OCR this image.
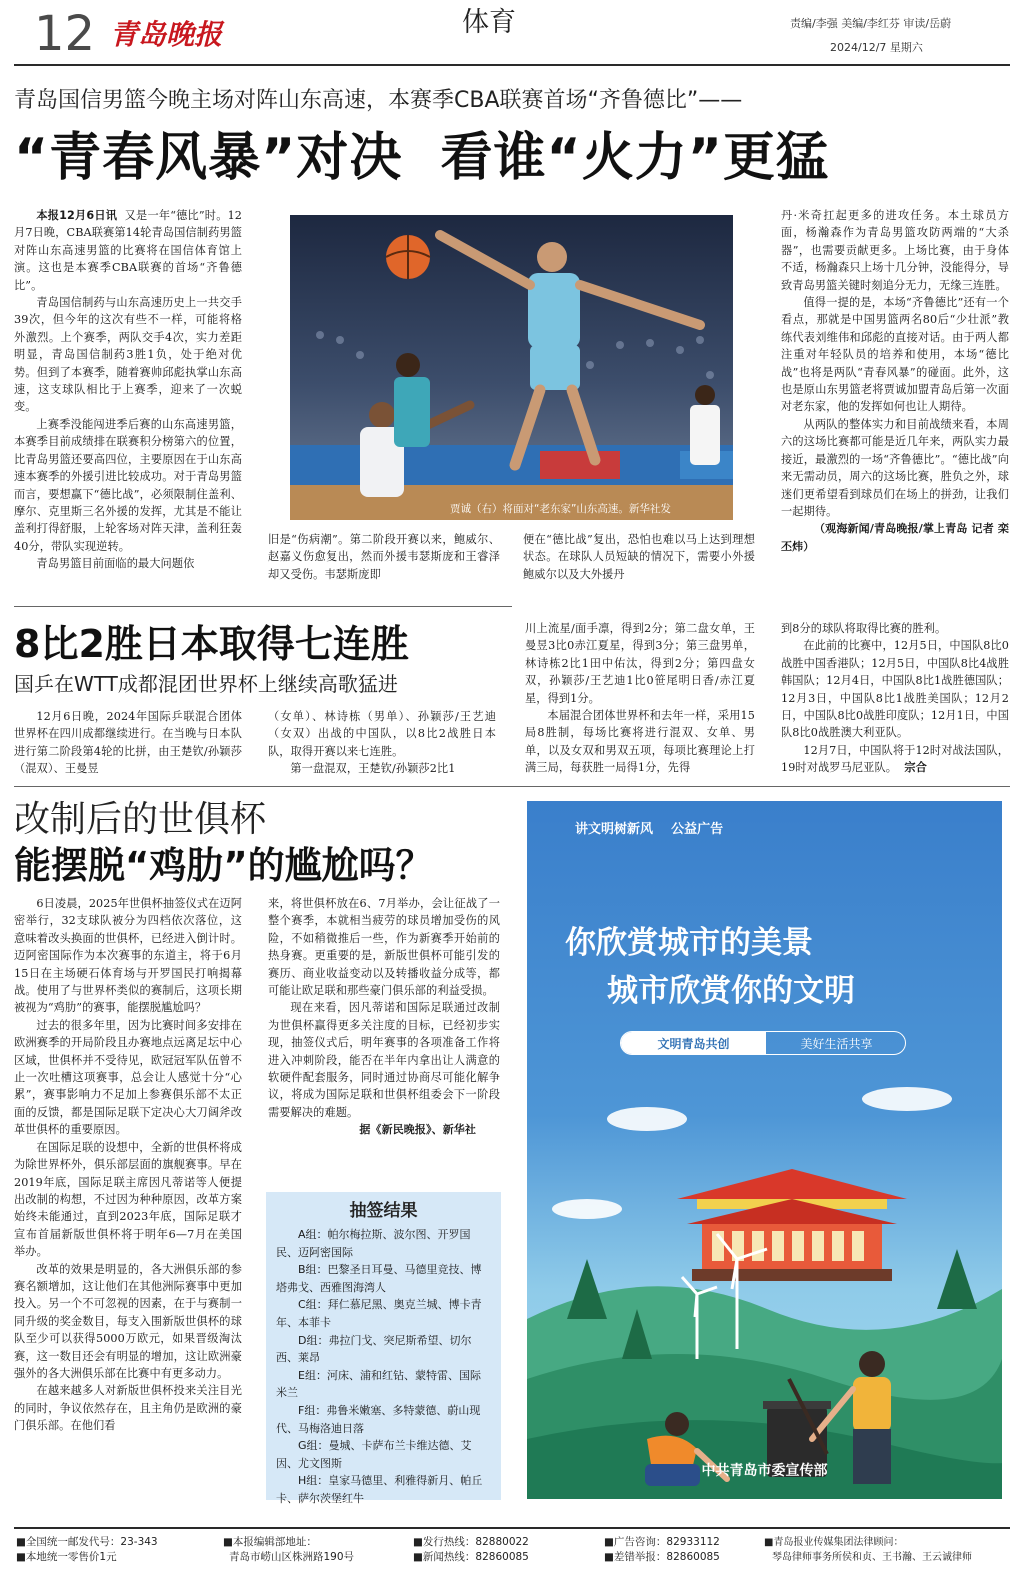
12 青岛晚报	体育	责编/李强 美编/李红芬 审读/岳蔚
2024/12/7 星期六
青岛国信男篮今晚主场对阵山东高速，本赛季CBA联赛首场“齐鲁德比”——
“青春风暴”对决  看谁“火力”更猛

本报12月6日讯 又是一年“德比”时。12月7日晚，CBA联赛第14轮青岛国信制药男篮对阵山东高速男篮的比赛将在国信体育馆上演。这也是本赛季CBA联赛的首场“齐鲁德比”。

青岛国信制药与山东高速历史上一共交手39次，但今年的这次有些不一样，可能将格外激烈。上个赛季，两队交手4次，实力差距明显，青岛国信制药3胜1负，处于绝对优势。但到了本赛季，随着赛帅邱彪执掌山东高速，这支球队相比于上赛季，迎来了一次蜕变。

上赛季没能闯进季后赛的山东高速男篮，本赛季目前成绩排在联赛积分榜第六的位置，比青岛男篮还要高四位，主要原因在于山东高速本赛季的外援引进比较成功。对于青岛男篮而言，要想赢下“德比战”，必须限制住盖利、摩尔、克里斯三名外援的发挥，尤其是不能让盖利打得舒服，上轮客场对阵天津，盖利狂轰40分，带队实现逆转。

青岛男篮目前面临的最大问题依

贾诚（右）将面对“老东家”山东高速。新华社发
旧是“伤病潮”。第二阶段开赛以来，鲍威尔、赵嘉义伤愈复出，然而外援韦瑟斯庞和王睿泽却又受伤。韦瑟斯庞即
便在“德比战”复出，恐怕也难以马上达到理想状态。在球队人员短缺的情况下，需要小外援鲍威尔以及大外援丹

丹·米奇扛起更多的进攻任务。本土球员方面，杨瀚森作为青岛男篮攻防两端的“大杀器”，也需要贡献更多。上场比赛，由于身体不适，杨瀚森只上场十几分钟，没能得分，导致青岛男篮关键时刻追分无力，无缘三连胜。

值得一提的是，本场“齐鲁德比”还有一个看点，那就是中国男篮两名80后“少壮派”教练代表刘维伟和邱彪的直接对话。由于两人都注重对年轻队员的培养和使用，本场“德比战”也将是两队“青春风暴”的碰面。此外，这也是原山东男篮老将贾诚加盟青岛后第一次面对老东家，他的发挥如何也让人期待。

从两队的整体实力和目前战绩来看，本周六的这场比赛都可能是近几年来，两队实力最接近，最激烈的一场“齐鲁德比”。“德比战”向来无需动员，周六的这场比赛，胜负之外，球迷们更希望看到球员们在场上的拼劲，让我们一起期待。

（观海新闻/青岛晚报/掌上青岛 记者 栾丕炜）

8比2胜日本取得七连胜
国乒在WTT成都混团世界杯上继续高歌猛进

12月6日晚，2024年国际乒联混合团体世界杯在四川成都继续进行。在当晚与日本队进行第二阶段第4轮的比拼，由王楚钦/孙颖莎（混双）、王曼昱

（女单）、林诗栋（男单）、孙颖莎/王艺迪（女双）出战的中国队，以8比2战胜日本队，取得开赛以来七连胜。

第一盘混双，王楚钦/孙颖莎2比1

川上流星/面手凛，得到2分；第二盘女单，王曼昱3比0赤江夏星，得到3分；第三盘男单，林诗栋2比1田中佑汰，得到2分；第四盘女双，孙颖莎/王艺迪1比0笹尾明日香/赤江夏星，得到1分。

本届混合团体世界杯和去年一样，采用15局8胜制，每场比赛将进行混双、女单、男单，以及女双和男双五项，每项比赛理论上打满三局，每获胜一局得1分，先得

到8分的球队将取得比赛的胜利。

在此前的比赛中，12月5日，中国队8比0战胜中国香港队；12月5日，中国队8比4战胜韩国队；12月4日，中国队8比1战胜德国队；12月3日，中国队8比1战胜美国队；12月2日，中国队8比0战胜印度队；12月1日，中国队8比0战胜澳大利亚队。

12月7日，中国队将于12时对战法国队，19时对战罗马尼亚队。 宗合

改制后的世俱杯
能摆脱“鸡肋”的尴尬吗？

6日凌晨，2025年世俱杯抽签仪式在迈阿密举行，32支球队被分为四档依次落位，这意味着改头换面的世俱杯，已经进入倒计时。迈阿密国际作为本次赛事的东道主，将于6月15日在主场硬石体育场与开罗国民打响揭幕战。使用了与世界杯类似的赛制后，这项长期被视为“鸡肋”的赛事，能摆脱尴尬吗？

过去的很多年里，因为比赛时间多安排在欧洲赛季的开局阶段且办赛地点远离足坛中心区域，世俱杯并不受待见，欧冠冠军队伍曾不止一次吐槽这项赛事，总会让人感觉十分“心累”，赛事影响力不足加上参赛俱乐部不太正面的反馈，都是国际足联下定决心大刀阔斧改革世俱杯的重要原因。

在国际足联的设想中，全新的世俱杯将成为除世界杯外，俱乐部层面的旗舰赛事。早在2019年底，国际足联主席因凡蒂诺等人便提出改制的构想，不过因为种种原因，改革方案始终未能通过，直到2023年底，国际足联才宣布首届新版世俱杯将于明年6—7月在美国举办。

改革的效果是明显的，各大洲俱乐部的参赛名额增加，这让他们在其他洲际赛事中更加投入。另一个不可忽视的因素，在于与赛制一同升级的奖金数目，每支入围新版世俱杯的球队至少可以获得5000万欧元，如果晋级淘汰赛，这一数目还会有明显的增加，这让欧洲豪强外的各大洲俱乐部在比赛中有更多动力。

在越来越多人对新版世俱杯投来关注目光的同时，争议依然存在，且主角仍是欧洲的豪门俱乐部。在他们看

来，将世俱杯放在6、7月举办，会让征战了一整个赛季，本就相当疲劳的球员增加受伤的风险，不如稍微推后一些，作为新赛季开始前的热身赛。更重要的是，新版世俱杯可能引发的赛历、商业收益变动以及转播收益分成等，都可能让欧足联和那些豪门俱乐部的利益受损。

现在来看，因凡蒂诺和国际足联通过改制为世俱杯赢得更多关注度的目标，已经初步实现，抽签仪式后，明年赛事的各项准备工作将进入冲刺阶段，能否在半年内拿出让人满意的软硬件配套服务，同时通过协商尽可能化解争议，将成为国际足联和世俱杯组委会下一阶段需要解决的难题。

据《新民晚报》、新华社

抽签结果

A组：帕尔梅拉斯、波尔图、开罗国民、迈阿密国际

B组：巴黎圣日耳曼、马德里竞技、博塔弗戈、西雅图海湾人

C组：拜仁慕尼黑、奥克兰城、博卡青年、本菲卡

D组：弗拉门戈、突尼斯希望、切尔西、莱昂

E组：河床、浦和红钻、蒙特雷、国际米兰

F组：弗鲁米嫩塞、多特蒙德、蔚山现代、马梅洛迪日落

G组：曼城、卡萨布兰卡维达德、艾因、尤文图斯

H组：皇家马德里、利雅得新月、帕丘卡、萨尔茨堡红牛

讲文明树新风    公益广告
你欣赏城市的美景
城市欣赏你的文明
文明青岛共创	美好生活共享
中共青岛市委宣传部
■全国统一邮发代号：23-343
■本地统一零售价1元
■本报编辑部地址：
青岛市崂山区株洲路190号
■发行热线：82880022
■新闻热线：82860085
■广告咨询：82933112
■差错举报：82860085
■青岛报业传媒集团法律顾问：
琴岛律师事务所侯和贞、王书瀚、王云诚律师
